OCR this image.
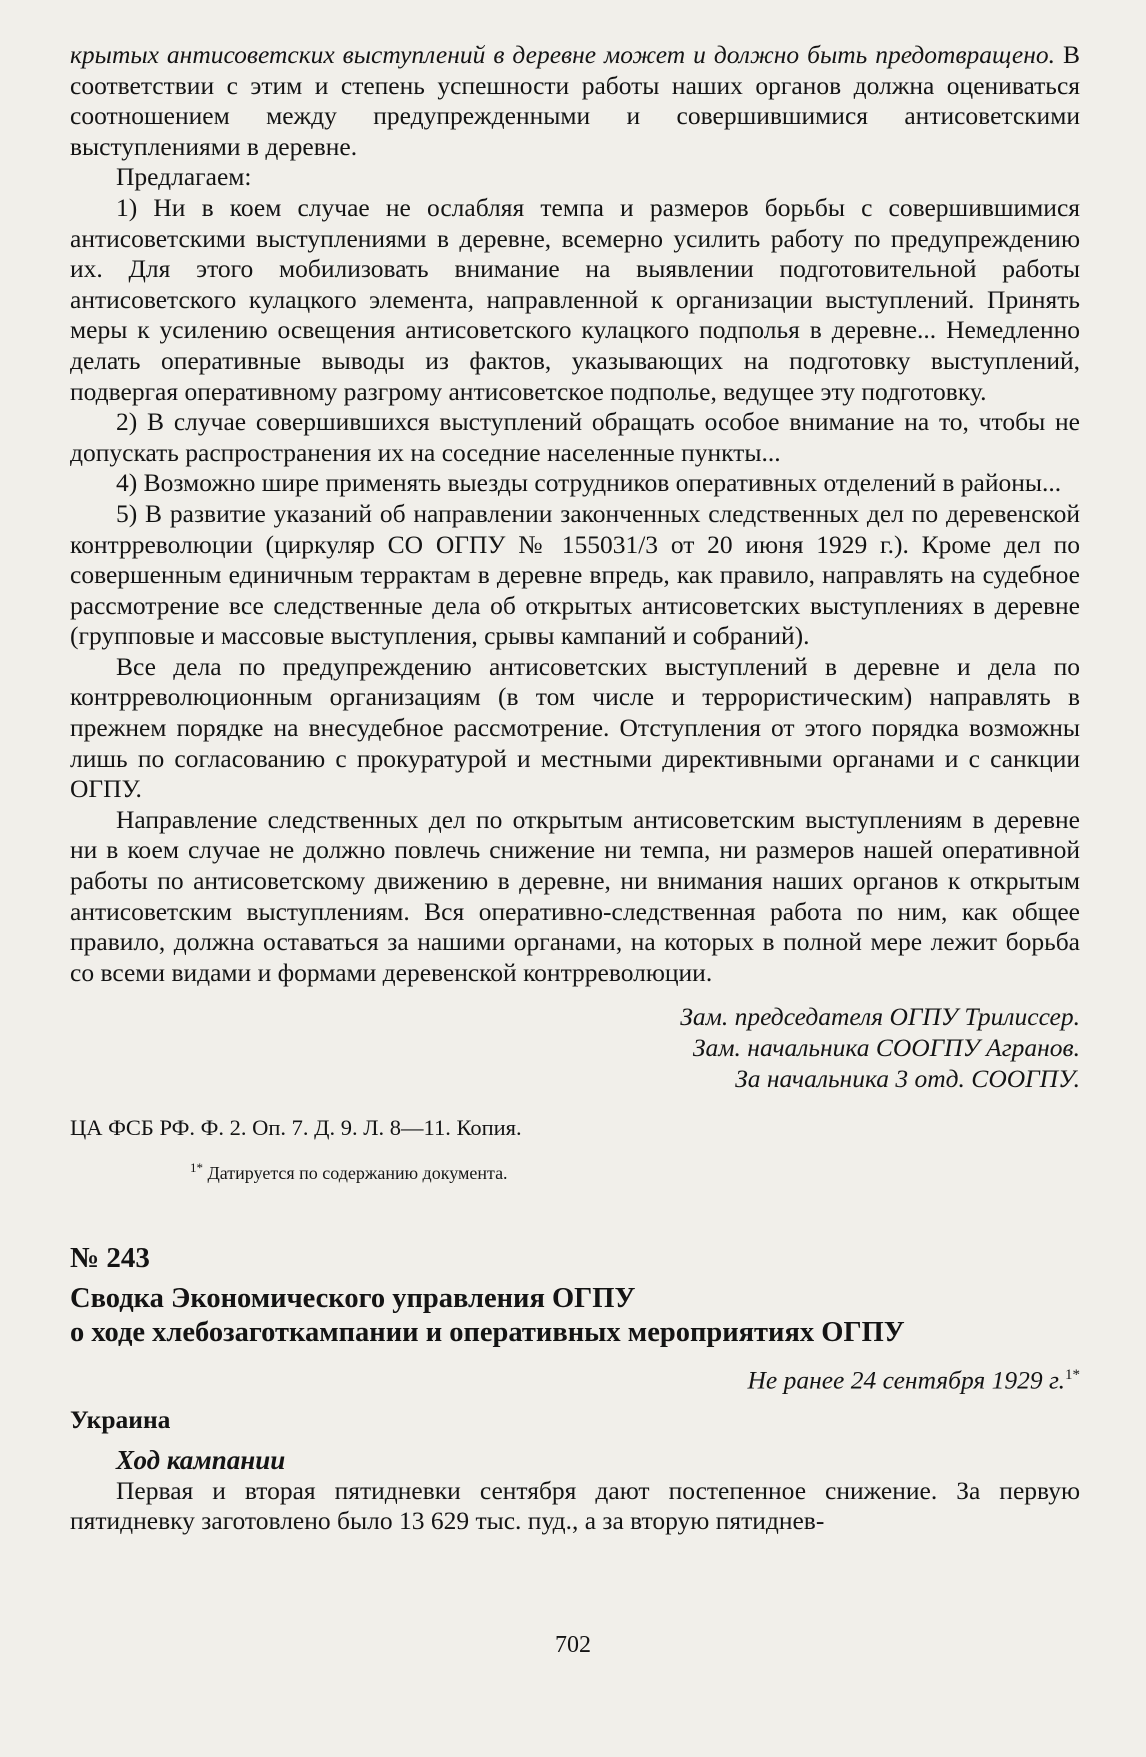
крытых антисоветских выступлений в деревне может и должно быть предотвращено. В соответствии с этим и степень успешности работы наших органов должна оцениваться соотношением между предупрежденными и совершившимися антисоветскими выступлениями в деревне.

Предлагаем:

1) Ни в коем случае не ослабляя темпа и размеров борьбы с совершившимися антисоветскими выступлениями в деревне, всемерно усилить работу по предупреждению их. Для этого мобилизовать внимание на выявлении подготовительной работы антисоветского кулацкого элемента, направленной к организации выступлений. Принять меры к усилению освещения антисоветского кулацкого подполья в деревне... Немедленно делать оперативные выводы из фактов, указывающих на подготовку выступлений, подвергая оперативному разгрому антисоветское подполье, ведущее эту подготовку.

2) В случае совершившихся выступлений обращать особое внимание на то, чтобы не допускать распространения их на соседние населенные пункты...

4) Возможно шире применять выезды сотрудников оперативных отделений в районы...

5) В развитие указаний об направлении законченных следственных дел по деревенской контрреволюции (циркуляр СО ОГПУ № 155031/3 от 20 июня 1929 г.). Кроме дел по совершенным единичным террактам в деревне впредь, как правило, направлять на судебное рассмотрение все следственные дела об открытых антисоветских выступлениях в деревне (групповые и массовые выступления, срывы кампаний и собраний).

Все дела по предупреждению антисоветских выступлений в деревне и дела по контрреволюционным организациям (в том числе и террористическим) направлять в прежнем порядке на внесудебное рассмотрение. Отступления от этого порядка возможны лишь по согласованию с прокуратурой и местными директивными органами и с санкции ОГПУ.

Направление следственных дел по открытым антисоветским выступлениям в деревне ни в коем случае не должно повлечь снижение ни темпа, ни размеров нашей оперативной работы по антисоветскому движению в деревне, ни внимания наших органов к открытым антисоветским выступлениям. Вся оперативно-следственная работа по ним, как общее правило, должна оставаться за нашими органами, на которых в полной мере лежит борьба со всеми видами и формами деревенской контрреволюции.

Зам. председателя ОГПУ Трилиссер.
Зам. начальника СООГПУ Агранов.
За начальника 3 отд. СООГПУ.
ЦА ФСБ РФ. Ф. 2. Оп. 7. Д. 9. Л. 8—11. Копия.
$^{1*}$ Датируется по содержанию документа.
№ 243
Сводка Экономического управления ОГПУ
о ходе хлебозаготкампании и оперативных мероприятиях ОГПУ
Не ранее 24 сентября 1929 г.$^{1*}$
Украина
Ход кампании

Первая и вторая пятидневки сентября дают постепенное снижение. За первую пятидневку заготовлено было 13 629 тыс. пуд., а за вторую пятиднев-

702
